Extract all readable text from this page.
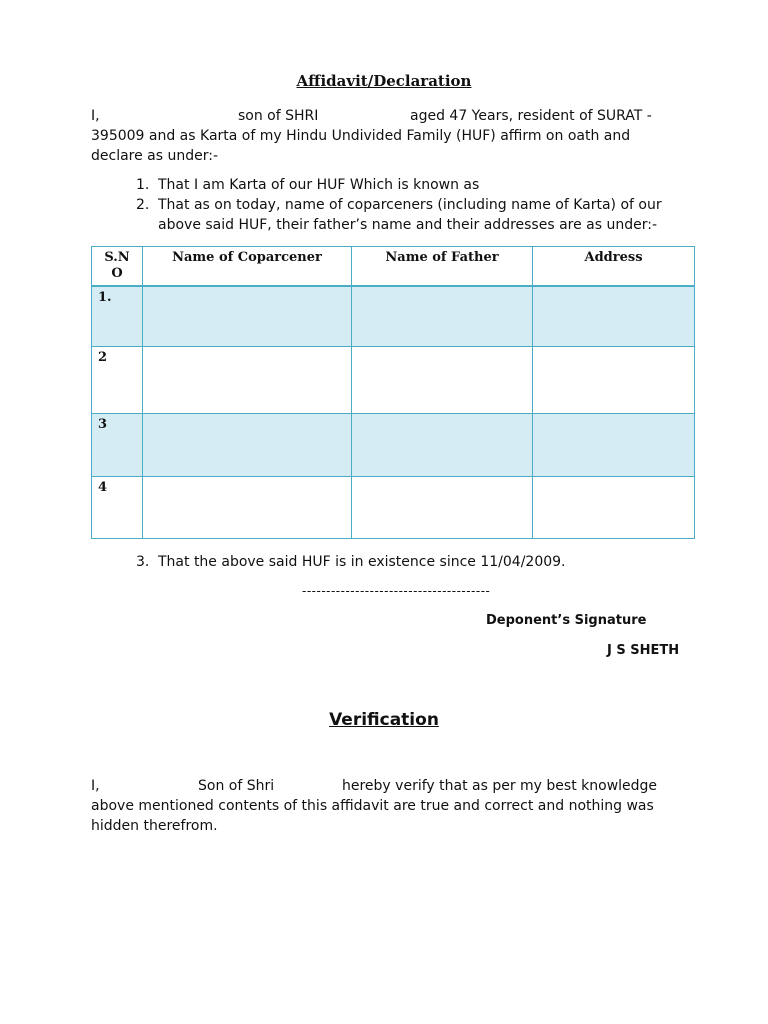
Affidavit/Declaration
I,	son of SHRI	aged 47 Years, resident of SURAT -
395009 and as Karta of my Hindu Undivided Family (HUF) affirm on oath and
declare as under:-
1. That I am Karta of our HUF Which is known as
2. That as on today, name of coparceners (including name of Karta) of our
above said HUF, their father’s name and their addresses are as under:-
S.N
O	Name of Coparcener	Name of Father	Address
1.			
2			
3			
4			
3. That the above said HUF is in existence since 11/04/2009.
---------------------------------------
Deponent’s Signature
J S SHETH
Verification
I,	Son of Shri	hereby verify that as per my best knowledge
above mentioned contents of this affidavit are true and correct and nothing was
hidden therefrom.
